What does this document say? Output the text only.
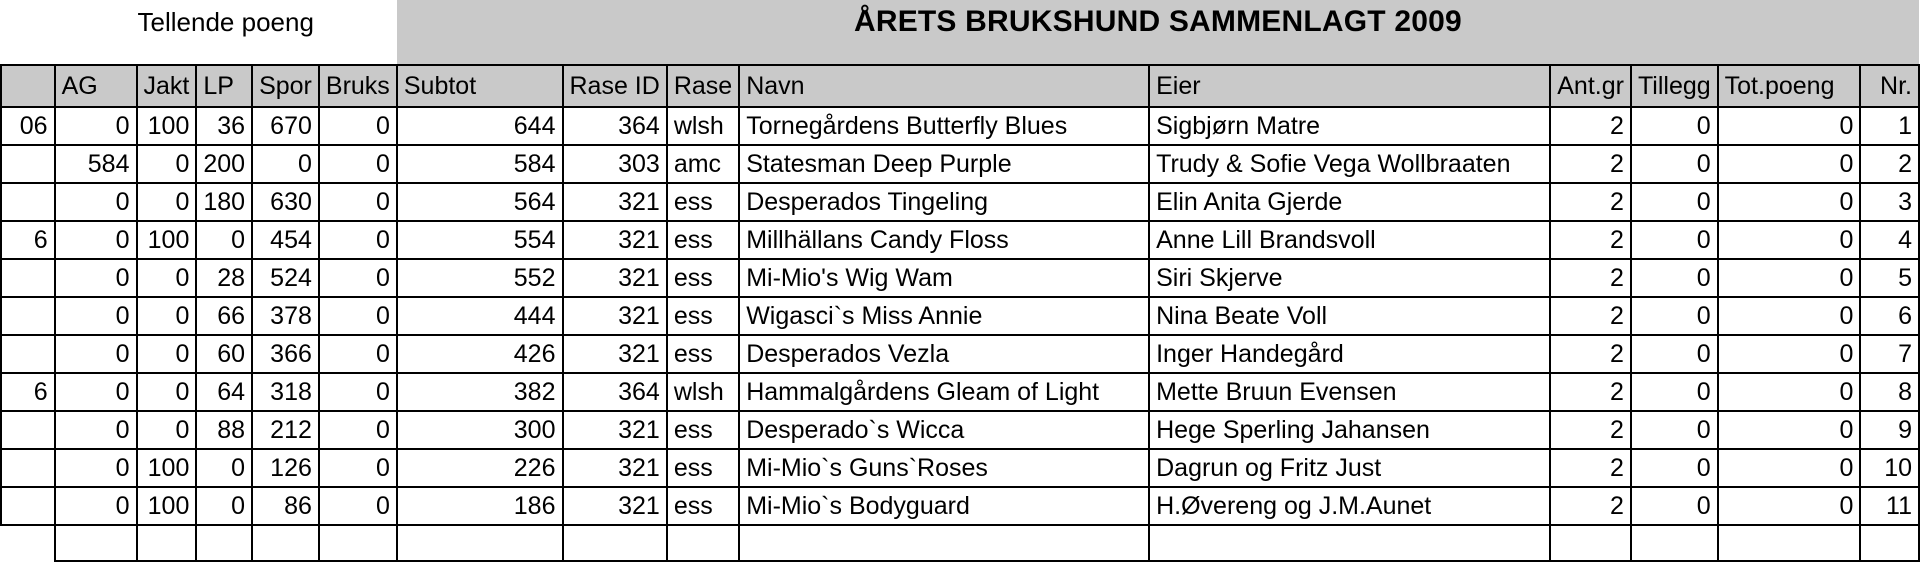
	Tellende poeng					ÅRETS BRUKSHUND SAMMENLAGT 2009								

	AG	Jakt	LP	Spor	Bruks	Subtot	Rase ID	Rase	Navn	Eier	Ant.gr	Tillegg	Tot.poeng	Nr.
06	0	100	36	670	0	644	364	wlsh	Tornegårdens Butterfly Blues	Sigbjørn Matre	2	0	0	1
	584	0	200	0	0	584	303	amc	Statesman Deep Purple	Trudy & Sofie Vega Wollbraaten	2	0	0	2
	0	0	180	630	0	564	321	ess	Desperados Tingeling	Elin Anita Gjerde	2	0	0	3
6	0	100	0	454	0	554	321	ess	Millhällans Candy Floss	Anne Lill Brandsvoll	2	0	0	4
	0	0	28	524	0	552	321	ess	Mi-Mio's Wig Wam	Siri Skjerve	2	0	0	5
	0	0	66	378	0	444	321	ess	Wigasci`s Miss Annie	Nina Beate Voll	2	0	0	6
	0	0	60	366	0	426	321	ess	Desperados Vezla	Inger Handegård	2	0	0	7
6	0	0	64	318	0	382	364	wlsh	Hammalgårdens Gleam of Light	Mette Bruun Evensen	2	0	0	8
	0	0	88	212	0	300	321	ess	Desperado`s Wicca	Hege Sperling Jahansen	2	0	0	9
	0	100	0	126	0	226	321	ess	Mi-Mio`s Guns`Roses	Dagrun og Fritz Just	2	0	0	10
	0	100	0	86	0	186	321	ess	Mi-Mio`s Bodyguard	H.Øvereng og J.M.Aunet	2	0	0	11
